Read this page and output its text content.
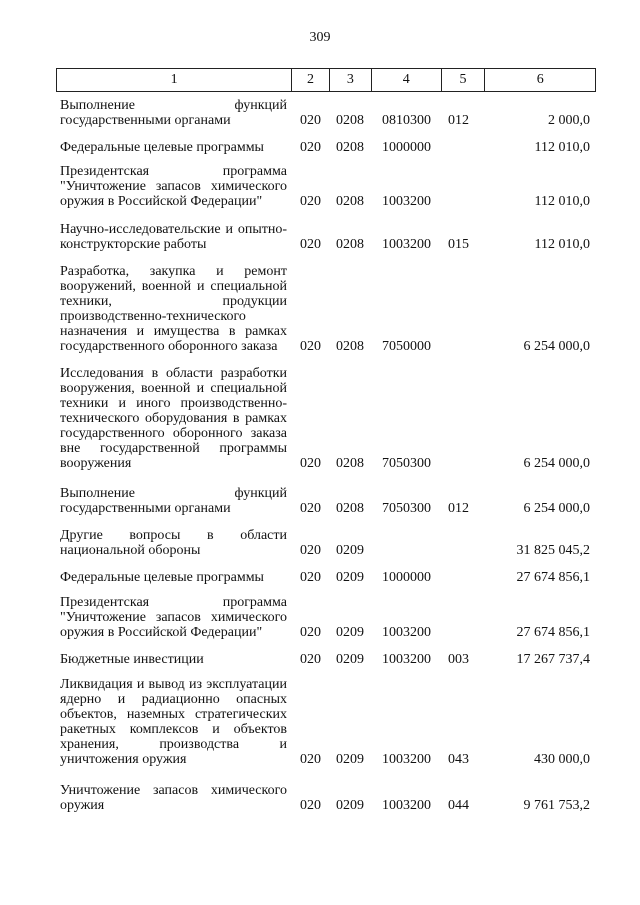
309
1	2	3	4	5	6
Выполнение функций
государственными органами	020 0208 0810300 012	2 000,0
Федеральные целевые программы	020 0208 1000000	112 010,0
Президентская программа
"Уничтожение запасов химического
оружия в Российской Федерации"	020 0208 1003200	112 010,0
Научно-исследовательские и опытно-
конструкторские работы	020 0208 1003200 015	112 010,0
Разработка, закупка и ремонт
вооружений, военной и специальной
техники, продукции
производственно-технического
назначения и имущества в рамках
государственного оборонного заказа	020 0208 7050000	6 254 000,0
Исследования в области разработки
вооружения, военной и специальной
техники и иного производственно-
технического оборудования в рамках
государственного оборонного заказа
вне государственной программы
вооружения	020 0208 7050300	6 254 000,0
Выполнение функций
государственными органами	020 0208 7050300 012	6 254 000,0
Другие вопросы в области
национальной обороны	020 0209	31 825 045,2
Федеральные целевые программы	020 0209 1000000	27 674 856,1
Президентская программа
"Уничтожение запасов химического
оружия в Российской Федерации"	020 0209 1003200	27 674 856,1
Бюджетные инвестиции	020 0209 1003200 003	17 267 737,4
Ликвидация и вывод из эксплуатации
ядерно и радиационно опасных
объектов, наземных стратегических
ракетных комплексов и объектов
хранения, производства и
уничтожения оружия	020 0209 1003200 043	430 000,0
Уничтожение запасов химического
оружия	020 0209 1003200 044	9 761 753,2
